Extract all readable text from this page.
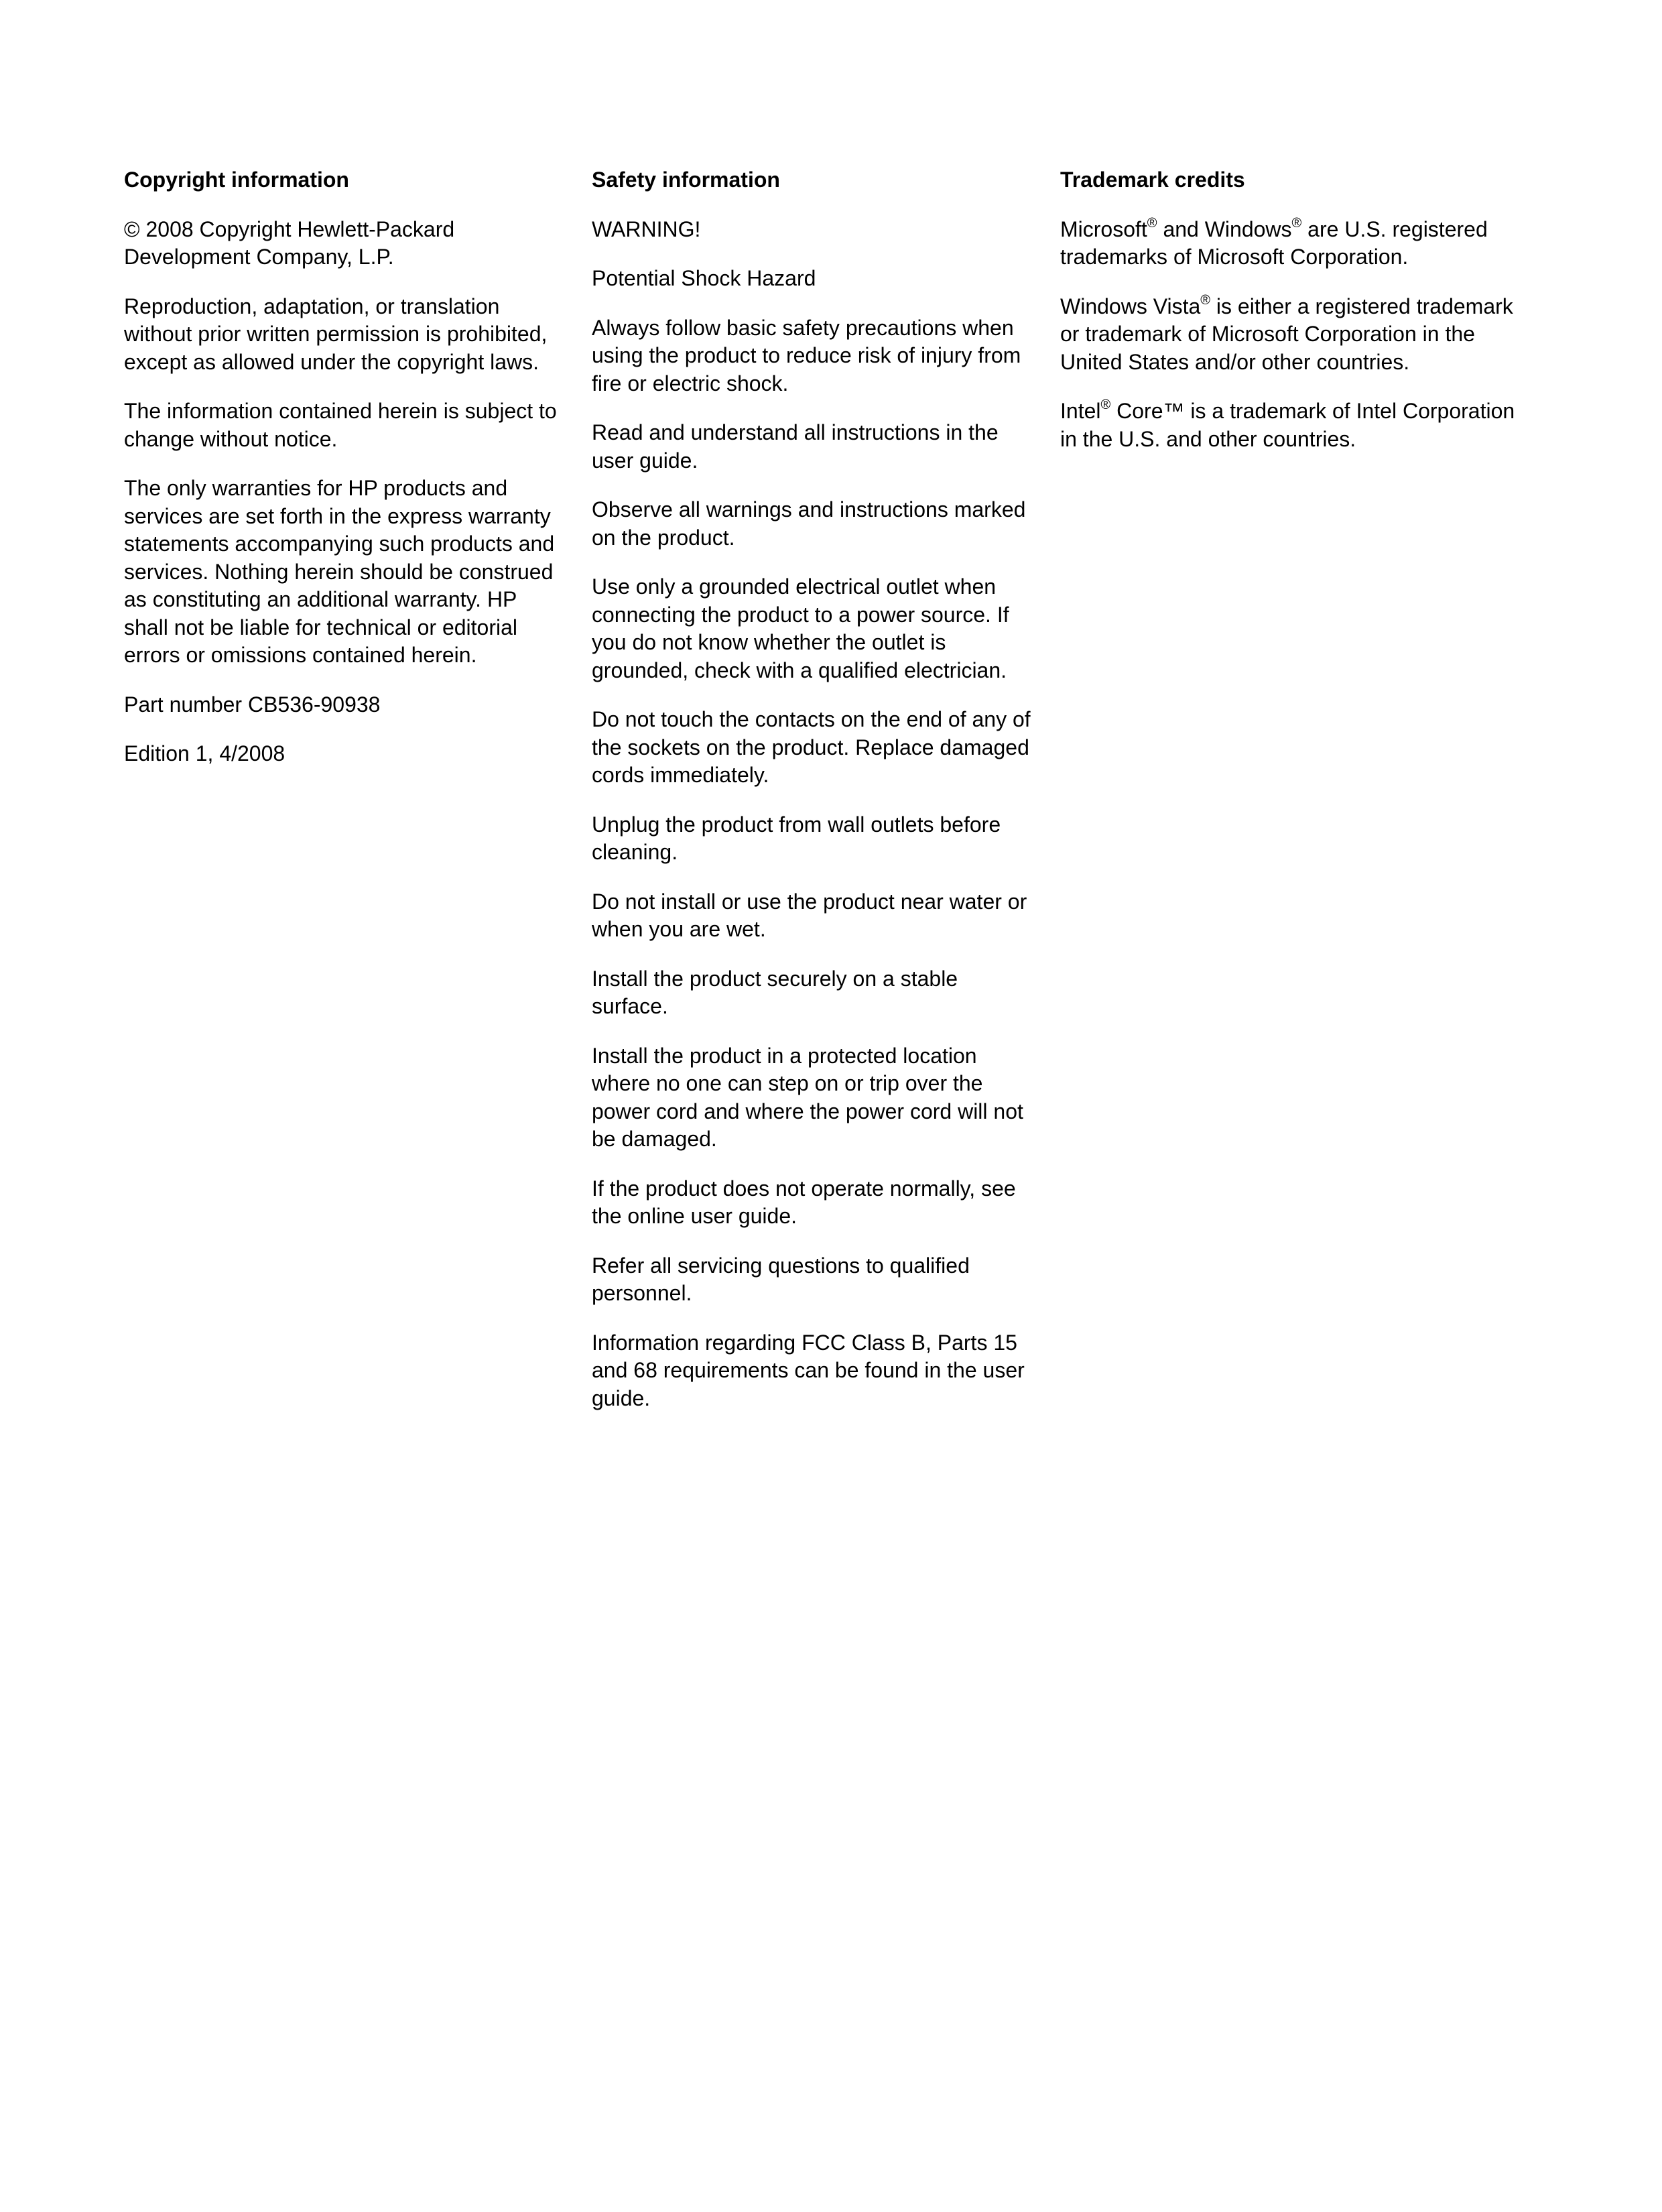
Copyright information
© 2008 Copyright Hewlett-Packard Development Company, L.P.
Reproduction, adaptation, or translation without prior written permission is prohibited, except as allowed under the copyright laws.
The information contained herein is subject to change without notice.
The only warranties for HP products and services are set forth in the express warranty statements accompanying such products and services. Nothing herein should be construed as constituting an additional warranty. HP shall not be liable for technical or editorial errors or omissions contained herein.
Part number CB536-90938
Edition 1, 4/2008
Safety information
WARNING!
Potential Shock Hazard
Always follow basic safety precautions when using the product to reduce risk of injury from fire or electric shock.
Read and understand all instructions in the user guide.
Observe all warnings and instructions marked on the product.
Use only a grounded electrical outlet when connecting the product to a power source. If you do not know whether the outlet is grounded, check with a qualified electrician.
Do not touch the contacts on the end of any of the sockets on the product. Replace damaged cords immediately.
Unplug the product from wall outlets before cleaning.
Do not install or use the product near water or when you are wet.
Install the product securely on a stable surface.
Install the product in a protected location where no one can step on or trip over the power cord and where the power cord will not be damaged.
If the product does not operate normally, see the online user guide.
Refer all servicing questions to qualified personnel.
Information regarding FCC Class B, Parts 15 and 68 requirements can be found in the user guide.
Trademark credits
Microsoft® and Windows® are U.S. registered trademarks of Microsoft Corporation.
Windows Vista® is either a registered trademark or trademark of Microsoft Corporation in the United States and/or other countries.
Intel® Core™ is a trademark of Intel Corporation in the U.S. and other countries.
